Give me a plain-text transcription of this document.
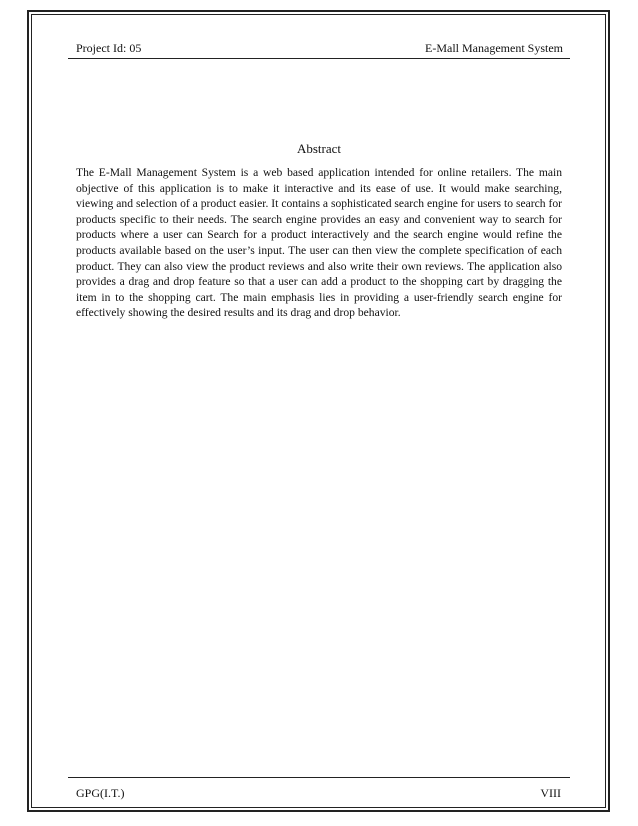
Project Id: 05	E-Mall Management System
Abstract

The E-Mall Management System is a web based application intended for online retailers. The main objective of this application is to make it interactive and its ease of use. It would make searching, viewing and selection of a product easier. It contains a sophisticated search engine for users to search for products specific to their needs. The search engine provides an easy and convenient way to search for products where a user can Search for a product interactively and the search engine would refine the products available based on the user’s input. The user can then view the complete specification of each product. They can also view the product reviews and also write their own reviews. The application also provides a drag and drop feature so that a user can add a product to the shopping cart by dragging the item in to the shopping cart. The main emphasis lies in providing a user-friendly search engine for effectively showing the desired results and its drag and drop behavior.

GPG(I.T.)	VIII
